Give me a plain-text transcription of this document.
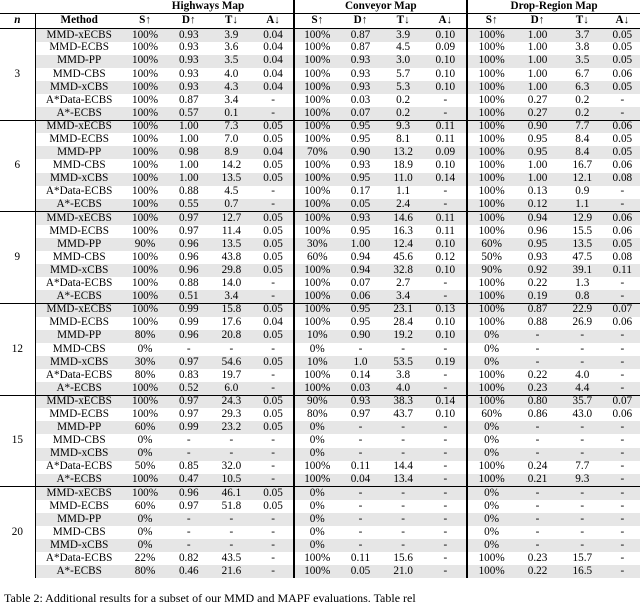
		Highways Map				Conveyor Map				Drop-Region Map			
n	Method	S↑	D↑	T↓	A↓	S↑	D↑	T↓	A↓	S↑	D↑	T↓	A↓
3	MMD-xECBS	100%	0.93	3.9	0.04	100%	0.87	3.9	0.10	100%	1.00	3.7	0.05
	MMD-ECBS	100%	0.93	3.6	0.04	100%	0.87	4.5	0.09	100%	1.00	3.8	0.05
	MMD-PP	100%	0.93	3.5	0.04	100%	0.93	3.0	0.10	100%	1.00	3.5	0.05
	MMD-CBS	100%	0.93	4.0	0.04	100%	0.93	5.7	0.10	100%	1.00	6.7	0.06
	MMD-xCBS	100%	0.93	4.3	0.04	100%	0.93	5.3	0.10	100%	1.00	6.3	0.05
	A*Data-ECBS	100%	0.87	3.4	-	100%	0.03	0.2	-	100%	0.27	0.2	-
	A*-ECBS	100%	0.57	0.1	-	100%	0.07	0.2	-	100%	0.27	0.2	-
6	MMD-xECBS	100%	1.00	7.3	0.05	100%	0.95	9.3	0.11	100%	0.90	7.7	0.06
	MMD-ECBS	100%	1.00	7.0	0.05	100%	0.95	8.1	0.11	100%	0.95	8.4	0.05
	MMD-PP	100%	0.98	8.9	0.04	70%	0.90	13.2	0.09	100%	0.95	8.4	0.05
	MMD-CBS	100%	1.00	14.2	0.05	100%	0.93	18.9	0.10	100%	1.00	16.7	0.06
	MMD-xCBS	100%	1.00	13.5	0.05	100%	0.95	11.0	0.14	100%	1.00	12.1	0.08
	A*Data-ECBS	100%	0.88	4.5	-	100%	0.17	1.1	-	100%	0.13	0.9	-
	A*-ECBS	100%	0.55	0.7	-	100%	0.05	2.4	-	100%	0.12	1.1	-
9	MMD-xECBS	100%	0.97	12.7	0.05	100%	0.93	14.6	0.11	100%	0.94	12.9	0.06
	MMD-ECBS	100%	0.97	11.4	0.05	100%	0.95	16.3	0.11	100%	0.96	15.5	0.06
	MMD-PP	90%	0.96	13.5	0.05	30%	1.00	12.4	0.10	60%	0.95	13.5	0.05
	MMD-CBS	100%	0.96	43.8	0.05	60%	0.94	45.6	0.12	50%	0.93	47.5	0.08
	MMD-xCBS	100%	0.96	29.8	0.05	100%	0.94	32.8	0.10	90%	0.92	39.1	0.11
	A*Data-ECBS	100%	0.88	14.0	-	100%	0.07	2.7	-	100%	0.22	1.3	-
	A*-ECBS	100%	0.51	3.4	-	100%	0.06	3.4	-	100%	0.19	0.8	-
12	MMD-xECBS	100%	0.99	15.8	0.05	100%	0.95	23.1	0.13	100%	0.87	22.9	0.07
	MMD-ECBS	100%	0.99	17.6	0.04	100%	0.95	28.4	0.10	100%	0.88	26.9	0.06
	MMD-PP	80%	0.96	20.8	0.05	10%	0.90	19.2	0.10	0%	-	-	-
	MMD-CBS	0%	-	-	-	0%	-	-	-	0%	-	-	-
	MMD-xCBS	30%	0.97	54.6	0.05	10%	1.0	53.5	0.19	0%	-	-	-
	A*Data-ECBS	80%	0.83	19.7	-	100%	0.14	3.8	-	100%	0.22	4.0	-
	A*-ECBS	100%	0.52	6.0	-	100%	0.03	4.0	-	100%	0.23	4.4	-
15	MMD-xECBS	100%	0.97	24.3	0.05	90%	0.93	38.3	0.14	100%	0.80	35.7	0.07
	MMD-ECBS	100%	0.97	29.3	0.05	80%	0.97	43.7	0.10	60%	0.86	43.0	0.06
	MMD-PP	60%	0.99	23.2	0.05	0%	-	-	-	0%	-	-	-
	MMD-CBS	0%	-	-	-	0%	-	-	-	0%	-	-	-
	MMD-xCBS	0%	-	-	-	0%	-	-	-	0%	-	-	-
	A*Data-ECBS	50%	0.85	32.0	-	100%	0.11	14.4	-	100%	0.24	7.7	-
	A*-ECBS	100%	0.47	10.5	-	100%	0.04	13.4	-	100%	0.21	9.3	-
20	MMD-xECBS	100%	0.96	46.1	0.05	0%	-	-	-	0%	-	-	-
	MMD-ECBS	60%	0.97	51.8	0.05	0%	-	-	-	0%	-	-	-
	MMD-PP	0%	-	-	-	0%	-	-	-	0%	-	-	-
	MMD-CBS	0%	-	-	-	0%	-	-	-	0%	-	-	-
	MMD-xCBS	0%	-	-	-	0%	-	-	-	0%	-	-	-
	A*Data-ECBS	22%	0.82	43.5	-	100%	0.11	15.6	-	100%	0.23	15.7	-
	A*-ECBS	80%	0.46	21.6	-	100%	0.05	21.0	-	100%	0.22	16.5	-
Table 2: Additional results for a subset of our MMD and MAPF evaluations. Table rel
